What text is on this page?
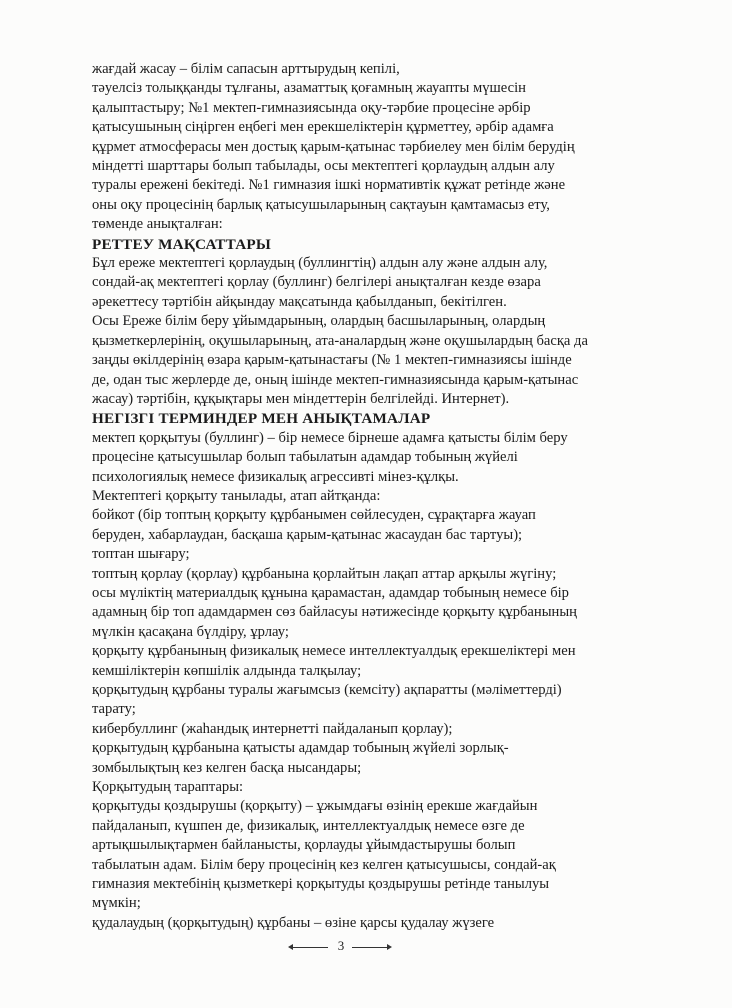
жағдай жасау – білім сапасын арттырудың кепілі,
тәуелсіз толыққанды тұлғаны, азаматтық қоғамның жауапты мүшесін
қалыптастыру; №1 мектеп-гимназиясында оқу-тәрбие процесіне әрбір
қатысушының сіңірген еңбегі мен ерекшеліктерін құрметтеу, әрбір адамға
құрмет атмосферасы мен достық қарым-қатынас тәрбиелеу мен білім берудің
міндетті шарттары болып табылады, осы мектептегі қорлаудың алдын алу
туралы ережені бекітеді. №1 гимназия ішкі нормативтік құжат ретінде және
оны оқу процесінің барлық қатысушыларының сақтауын қамтамасыз ету,
төменде анықталған:
РЕТТЕУ МАҚСАТТАРЫ
Бұл ереже мектептегі қорлаудың (буллингтің) алдын алу және алдын алу,
сондай-ақ мектептегі қорлау (буллинг) белгілері анықталған кезде өзара
әрекеттесу тәртібін айқындау мақсатында қабылданып, бекітілген.
Осы Ереже білім беру ұйымдарының, олардың басшыларының, олардың
қызметкерлерінің, оқушыларының, ата-аналардың және оқушылардың басқа да
заңды өкілдерінің өзара қарым-қатынастағы (№ 1 мектеп-гимназиясы ішінде
де, одан тыс жерлерде де, оның ішінде мектеп-гимназиясында қарым-қатынас
жасау) тәртібін, құқықтары мен міндеттерін белгілейді. Интернет).
НЕГІЗГІ ТЕРМИНДЕР МЕН АНЫҚТАМАЛАР
мектеп қорқытуы (буллинг) – бір немесе бірнеше адамға қатысты білім беру
процесіне қатысушылар болып табылатын адамдар тобының жүйелі
психологиялық немесе физикалық агрессивті мінез-құлқы.
Мектептегі қорқыту танылады, атап айтқанда:
бойкот (бір топтың қорқыту құрбанымен сөйлесуден, сұрақтарға жауап
беруден, хабарлаудан, басқаша қарым-қатынас жасаудан бас тартуы);
топтан шығару;
топтың қорлау (қорлау) құрбанына қорлайтын лақап аттар арқылы жүгіну;
осы мүліктің материалдық құнына қарамастан, адамдар тобының немесе бір
адамның бір топ адамдармен сөз байласуы нәтижесінде қорқыту құрбанының
мүлкін қасақана бүлдіру, ұрлау;
қорқыту құрбанының физикалық немесе интеллектуалдық ерекшеліктері мен
кемшіліктерін көпшілік алдында талқылау;
қорқытудың құрбаны туралы жағымсыз (кемсіту) ақпаратты (мәліметтерді)
тарату;
кибербуллинг (жаһандық интернетті пайдаланып қорлау);
қорқытудың құрбанына қатысты адамдар тобының жүйелі зорлық-
зомбылықтың кез келген басқа нысандары;
Қорқытудың тараптары:
қорқытуды қоздырушы (қорқыту) – ұжымдағы өзінің ерекше жағдайын
пайдаланып, күшпен де, физикалық, интеллектуалдық немесе өзге де
артықшылықтармен байланысты, қорлауды ұйымдастырушы болып
табылатын адам. Білім беру процесінің кез келген қатысушысы, сондай-ақ
гимназия мектебінің қызметкері қорқытуды қоздырушы ретінде танылуы
мүмкін;
қудалаудың (қорқытудың) құрбаны – өзіне қарсы қудалау жүзеге
3
